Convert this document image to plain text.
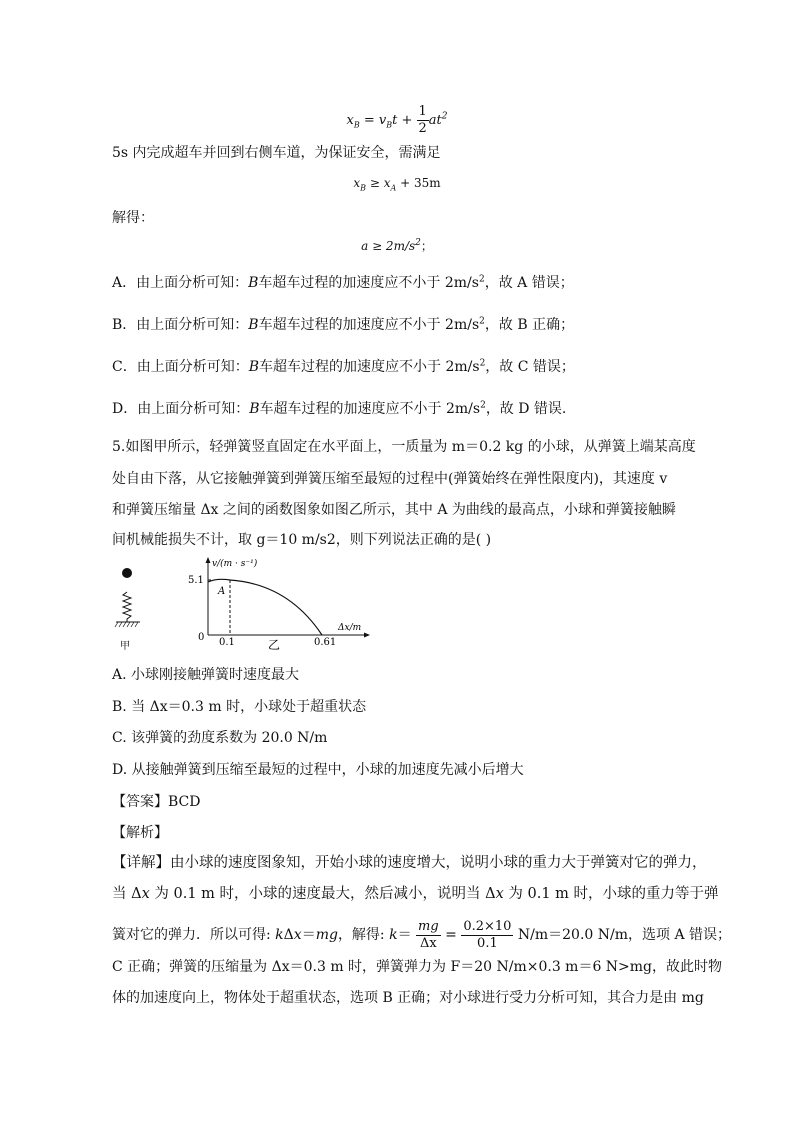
$x_B = v_Bt + \frac{1}{2} at^2$
5s 内完成超车并回到右侧车道，为保证安全，需满足
$x_B \ge x_A + 35m$
解得：
$a \ge 2m/s^2$；
A．由上面分析可知：B车超车过程的加速度应不小于 $2m/s^2$，故 A 错误；
B．由上面分析可知：B车超车过程的加速度应不小于 $2m/s^2$，故 B 正确；
C．由上面分析可知：B车超车过程的加速度应不小于 $2m/s^2$，故 C 错误；
D．由上面分析可知：B车超车过程的加速度应不小于 $2m/s^2$，故 D 错误.
5.如图甲所示，轻弹簧竖直固定在水平面上，一质量为 m＝0.2 kg 的小球，从弹簧上端某高度
处自由下落，从它接触弹簧到弹簧压缩至最短的过程中(弹簧始终在弹性限度内)，其速度 v
和弹簧压缩量 Δx 之间的函数图象如图乙所示，其中 A 为曲线的最高点，小球和弹簧接触瞬
间机械能损失不计，取 g＝10 m/s2，则下列说法正确的是( )
甲
v/(m · s⁻¹)
Δx/m
5.1
0 0.1	0.61
乙
A
A. 小球刚接触弹簧时速度最大
B. 当 Δx＝0.3 m 时，小球处于超重状态
C. 该弹簧的劲度系数为 20.0 N/m
D. 从接触弹簧到压缩至最短的过程中，小球的加速度先减小后增大
【答案】BCD
【解析】
【详解】由小球的速度图象知，开始小球的速度增大，说明小球的重力大于弹簧对它的弹力，
当 Δx 为 0.1 m 时，小球的速度最大，然后减小，说明当 Δx 为 0.1 m 时，小球的重力等于弹
簧对它的弹力．所以可得: kΔx＝mg，解得: $k= \frac{mg}{\Delta x} = \frac{0.2\times 10}{0.1} N/m=20.0$ N/m，选项 A 错误；
C 正确；弹簧的压缩量为 Δx＝0.3 m 时，弹簧弹力为 F＝20 N/m×0.3 m＝6 N>mg，故此时物
体的加速度向上，物体处于超重状态，选项 B 正确；对小球进行受力分析可知，其合力是由 mg
